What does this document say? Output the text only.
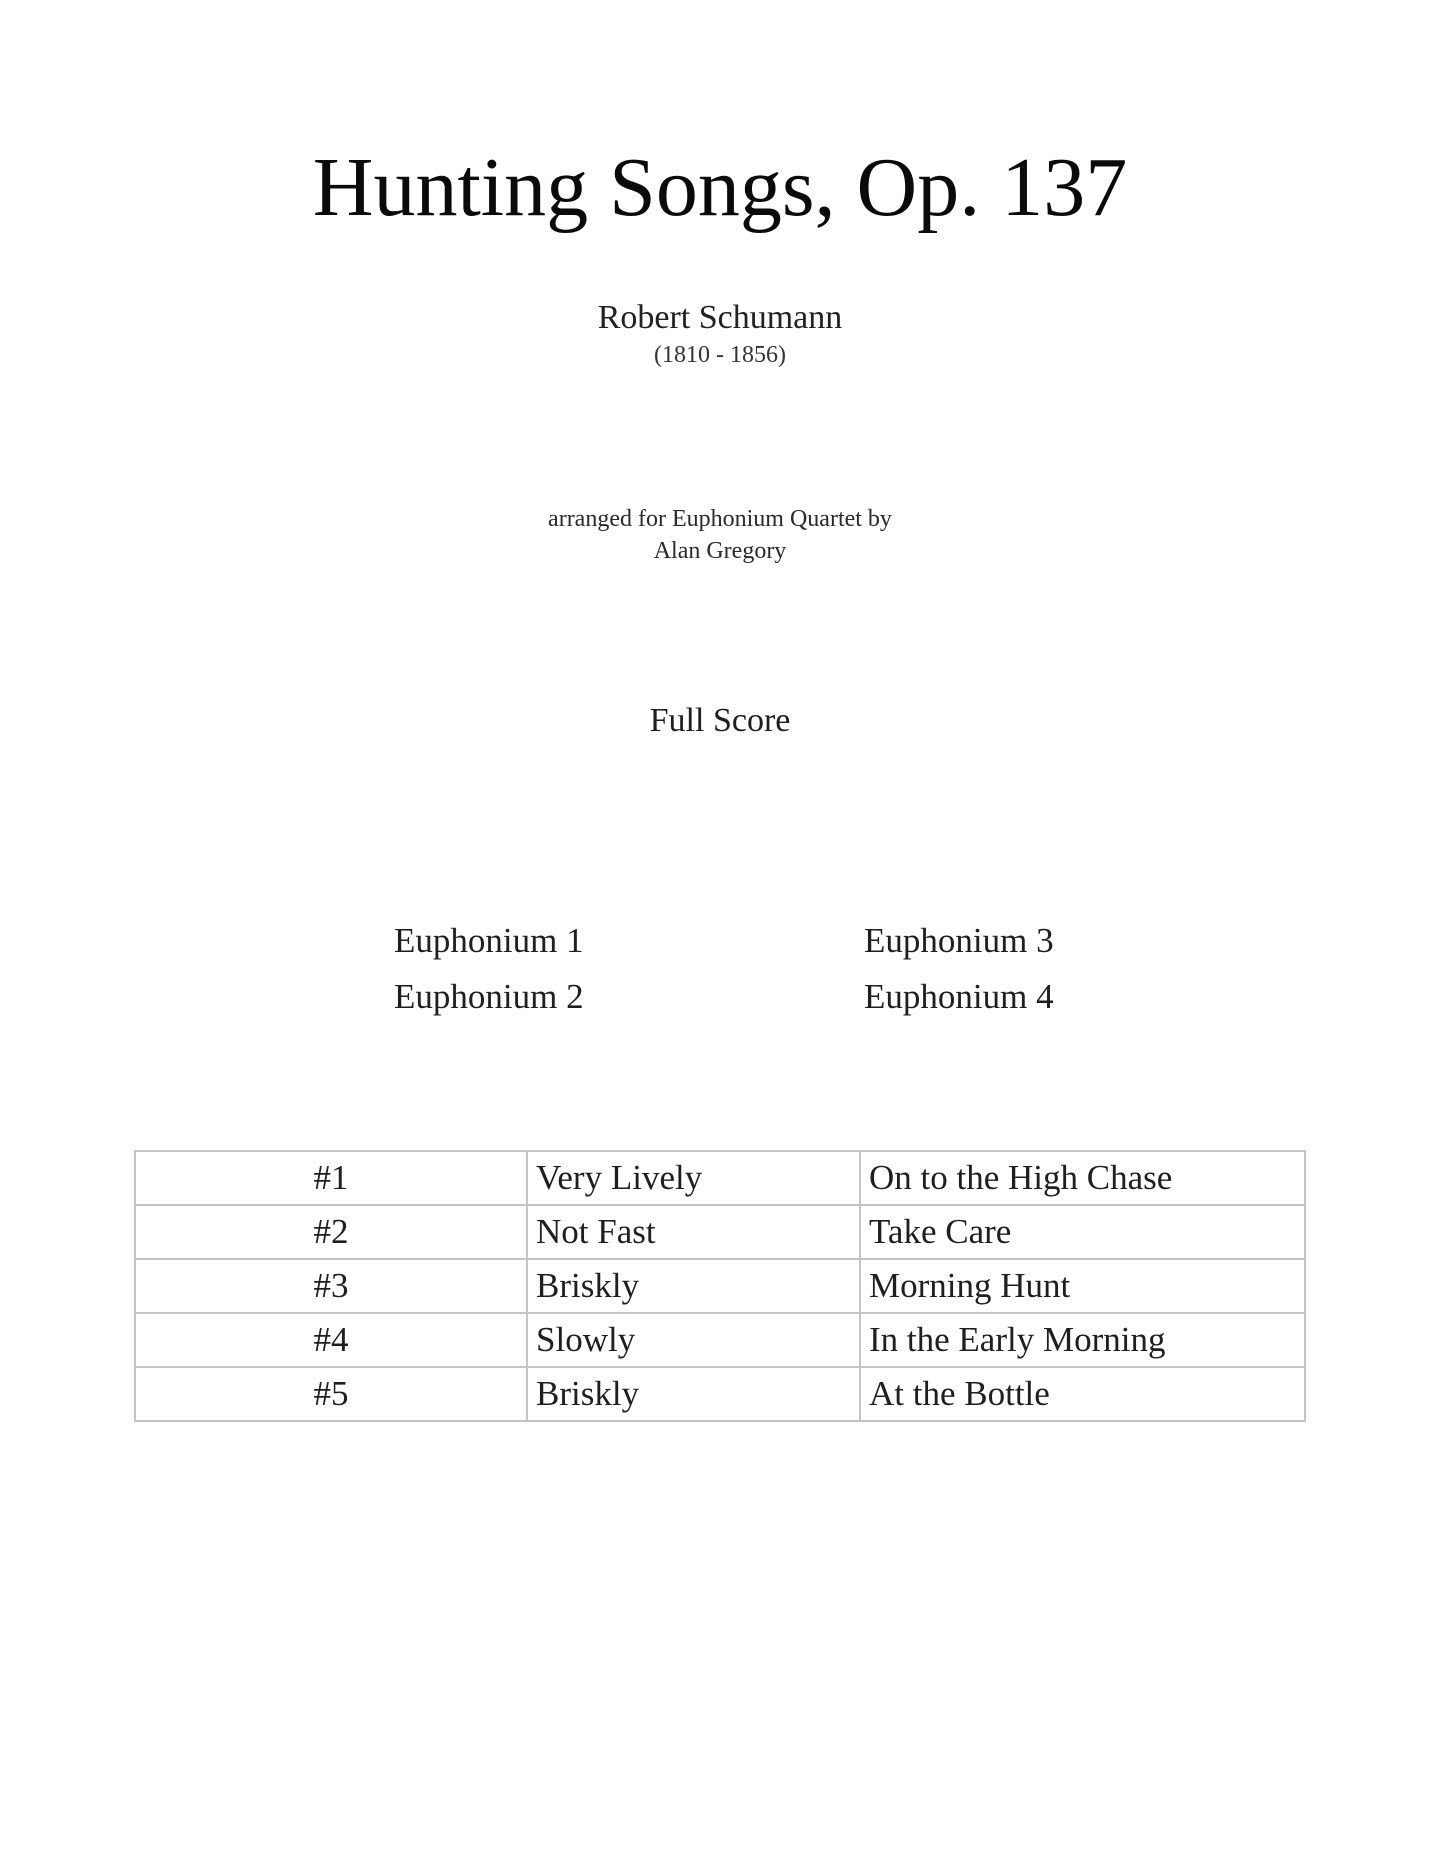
Hunting Songs, Op. 137
Robert Schumann
(1810 - 1856)
arranged for Euphonium Quartet by
Alan Gregory
Full Score
Euphonium 1	Euphonium 3
Euphonium 2	Euphonium 4
#1	Very Lively	On to the High Chase
#2	Not Fast	Take Care
#3	Briskly	Morning Hunt
#4	Slowly	In the Early Morning
#5	Briskly	At the Bottle
